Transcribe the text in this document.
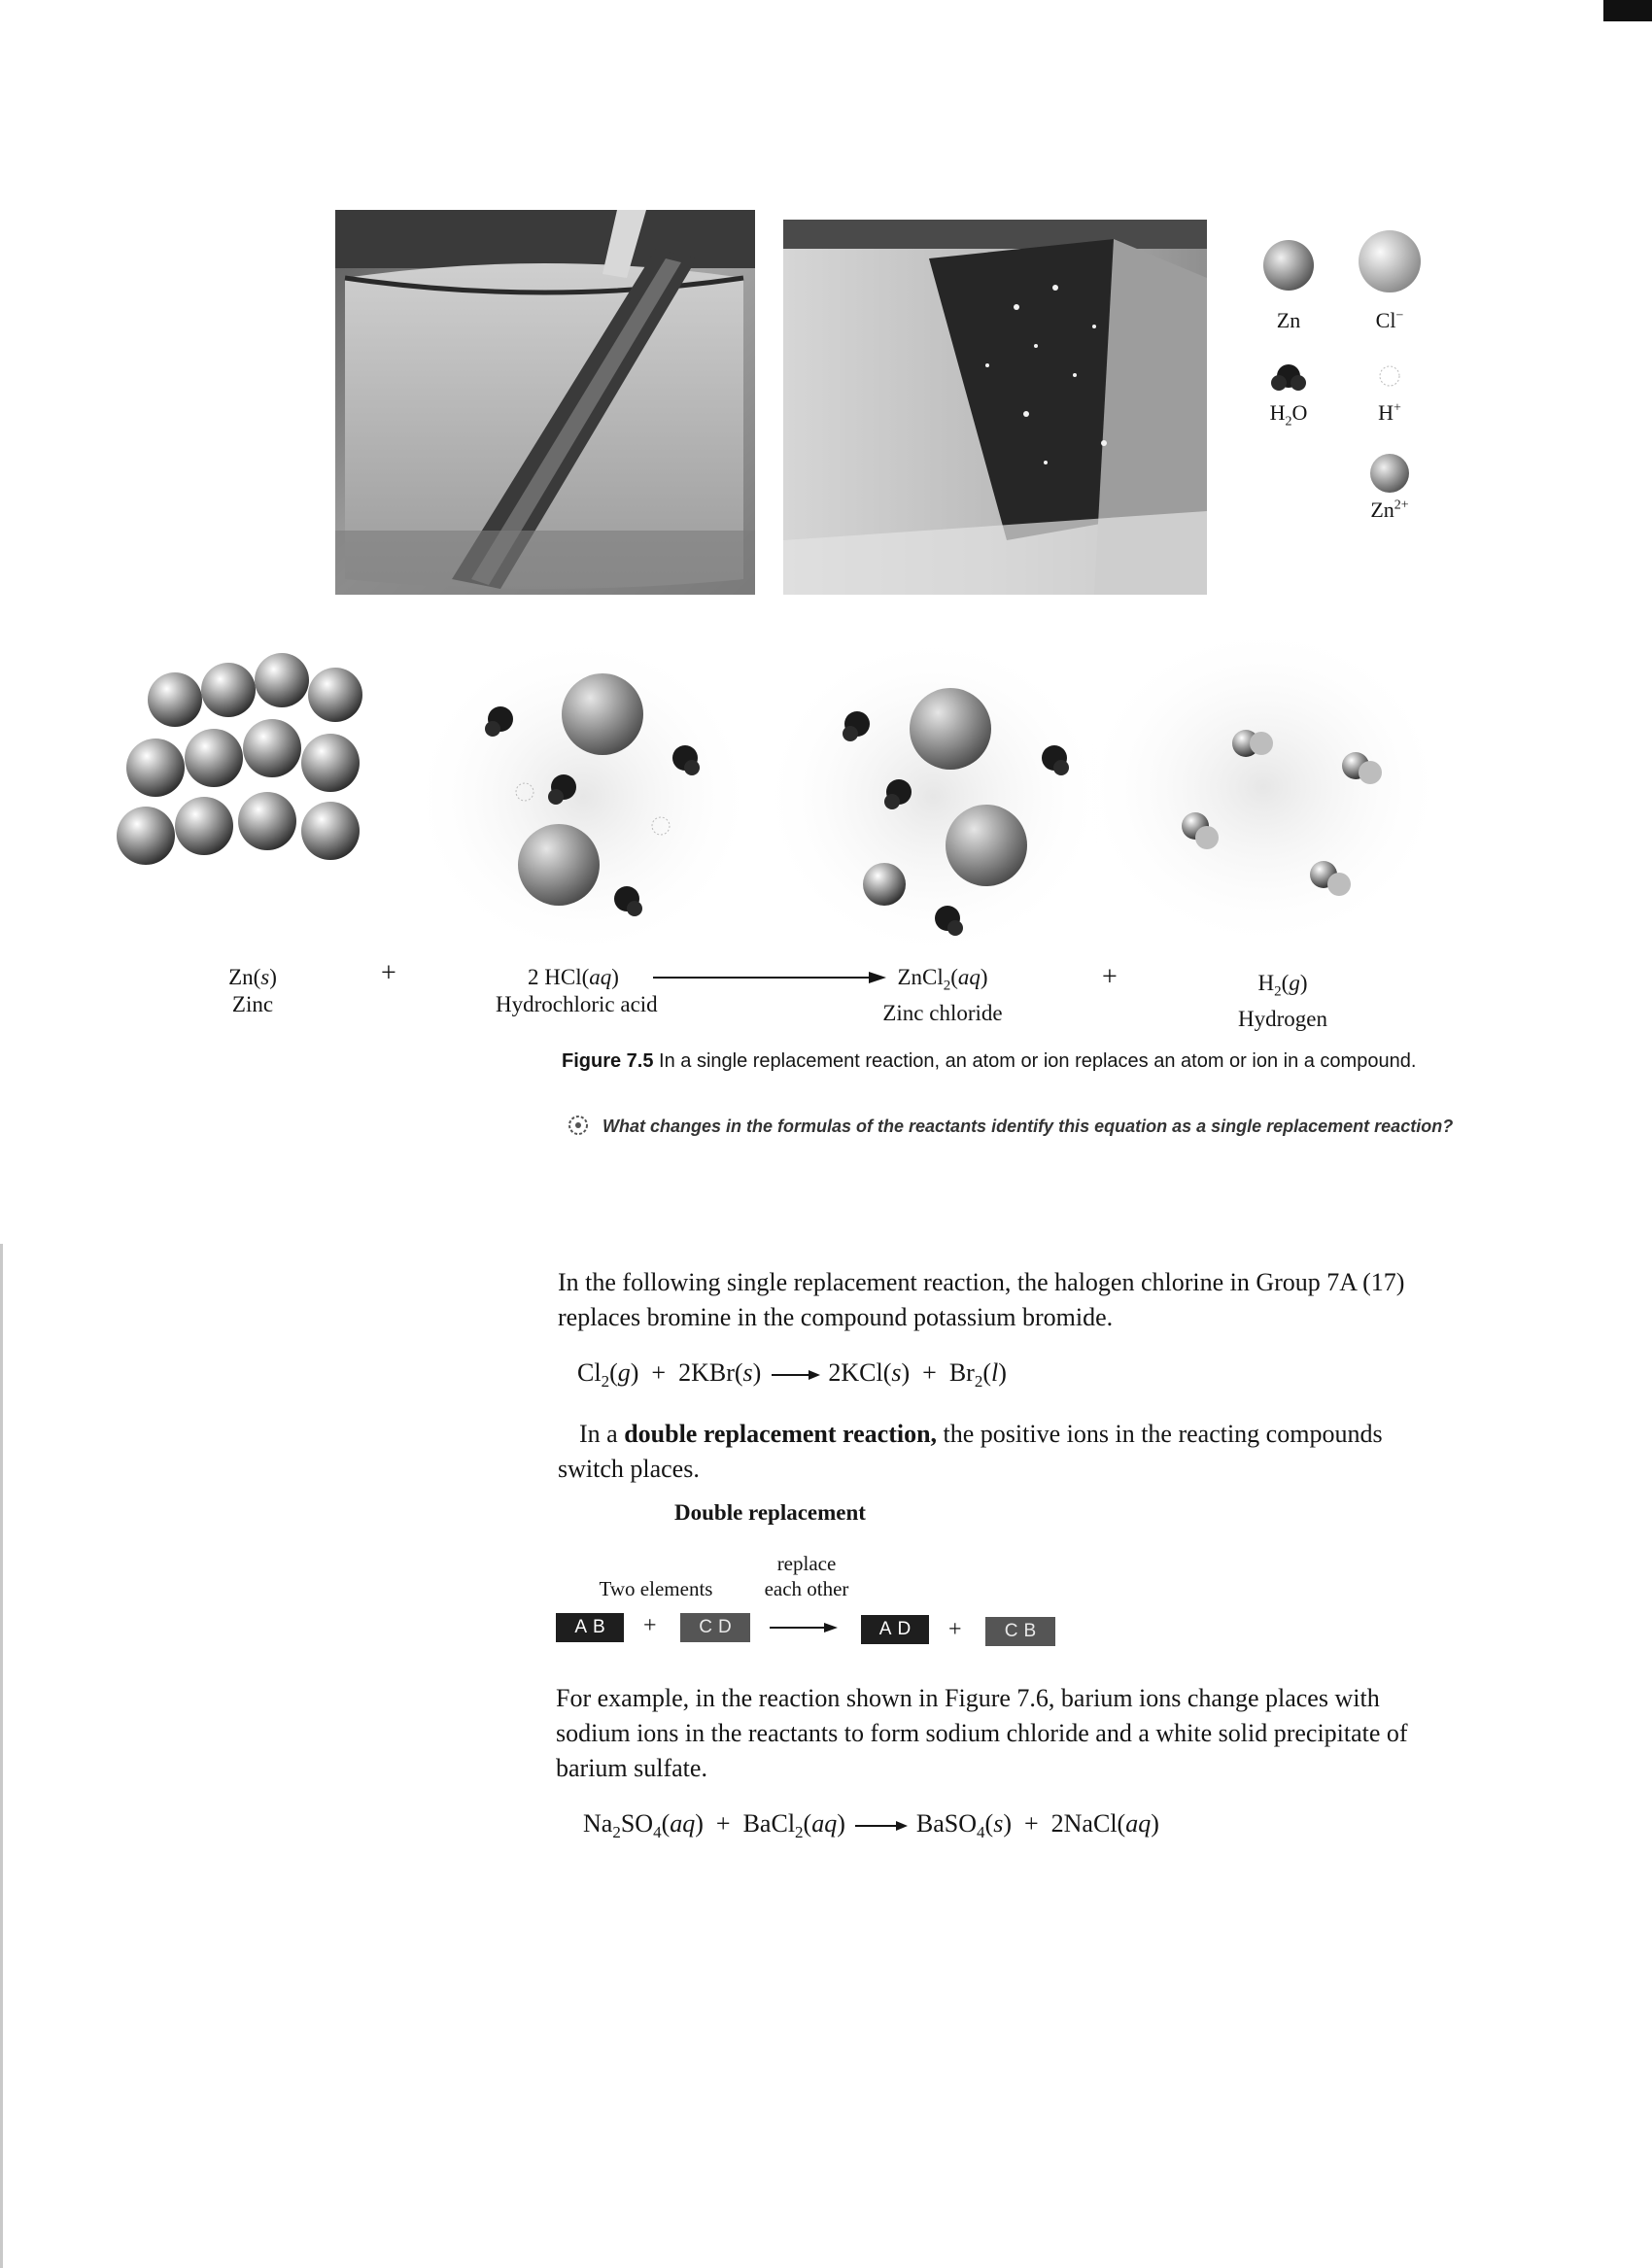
Zn	Cl−
$H_2O$	H+
$Zn^{2+}$
Zn(s)
Zinc
+	2 HCl(aq)
Hydrochloric acid
ZnCl$_2$(aq)
Zinc chloride
+	$H_2(g)$
Hydrogen
Figure 7.5 In a single replacement reaction, an atom or ion replaces an atom or ion in a compound.
What changes in the formulas of the reactants identify this equation as a single replacement reaction?
In the following single replacement reaction, the halogen chlorine in Group 7A (17) replaces bromine in the compound potassium bromide.
$Cl_2(g) + 2KBr(s) 2KCl(s) + Br_2(l)$
In a double replacement reaction, the positive ions in the reacting compounds switch places.
Double replacement
replace
each other
Two elements
AB	+	CD	AD	+	CB
For example, in the reaction shown in Figure 7.6, barium ions change places with sodium ions in the reactants to form sodium chloride and a white solid precipitate of barium sulfate.
$Na_2SO_4(aq)$  + BaCl$_2$(aq)	BaSO$_4$(s)  + 2NaCl(aq)
